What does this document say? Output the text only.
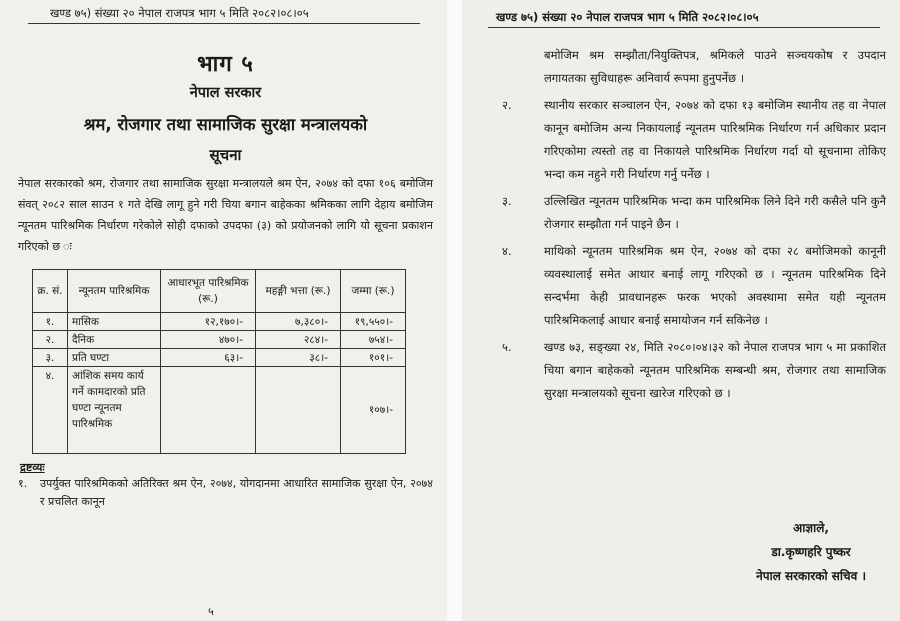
खण्ड ७५) संख्या २० नेपाल राजपत्र भाग ५ मिति २०८२।०८।०५
भाग ५
नेपाल सरकार
श्रम, रोजगार तथा सामाजिक सुरक्षा मन्त्रालयको
सूचना
नेपाल सरकारको श्रम, रोजगार तथा सामाजिक सुरक्षा मन्त्रालयले श्रम ऐन, २०७४ को दफा १०६ बमोजिम संवत् २०८२ साल साउन १ गते देखि लागू हुने गरी चिया बगान बाहेकका श्रमिकका लागि देहाय बमोजिम न्यूनतम पारिश्रमिक निर्धारण गरेकोले सोही दफाको उपदफा (३) को प्रयोजनको लागि यो सूचना प्रकाशन गरिएको छ ः
क्र. सं.	न्यूनतम पारिश्रमिक	आधारभूत पारिश्रमिक (रू.)	महङ्गी भत्ता (रू.)	जम्मा (रू.)
१.	मासिक	१२,१७०।-	७,३८०।-	१९,५५०।-
२.	दैनिक	४७०।-	२८४।-	७५४।-
३.	प्रति घण्टा	६३।-	३८।-	१०१।-
४.	आंशिक समय कार्य गर्ने कामदारको प्रति घण्टा न्यूनतम पारिश्रमिक			१०७।-
द्रष्टव्यः
१. उपर्युक्त पारिश्रमिकको अतिरिक्त श्रम ऐन, २०७४, योगदानमा आधारित सामाजिक सुरक्षा ऐन, २०७४ र प्रचलित कानून
५
खण्ड ७५) संख्या २० नेपाल राजपत्र भाग ५ मिति २०८२।०८।०५
बमोजिम श्रम सम्झौता/नियुक्तिपत्र, श्रमिकले पाउने सञ्चयकोष र उपदान लगायतका सुविधाहरू अनिवार्य रूपमा हुनुपर्नेछ ।
२.	स्थानीय सरकार सञ्चालन ऐन, २०७४ को दफा १३ बमोजिम स्थानीय तह वा नेपाल कानून बमोजिम अन्य निकायलाई न्यूनतम पारिश्रमिक निर्धारण गर्न अधिकार प्रदान गरिएकोमा त्यस्तो तह वा निकायले पारिश्रमिक निर्धारण गर्दा यो सूचनामा तोकिए भन्दा कम नहुने गरी निर्धारण गर्नु पर्नेछ ।
३.	उल्लिखित न्यूनतम पारिश्रमिक भन्दा कम पारिश्रमिक लिने दिने गरी कसैले पनि कुनै रोजगार सम्झौता गर्न पाइने छैन ।
४.	माथिको न्यूनतम पारिश्रमिक श्रम ऐन, २०७४ को दफा २८ बमोजिमको कानूनी व्यवस्थालाई समेत आधार बनाई लागू गरिएको छ । न्यूनतम पारिश्रमिक दिने सन्दर्भमा केही प्रावधानहरू फरक भएको अवस्थामा समेत यही न्यूनतम पारिश्रमिकलाई आधार बनाई समायोजन गर्न सकिनेछ ।
५.	खण्ड ७३, सङ्ख्या २४, मिति २०८०।०४।३२ को नेपाल राजपत्र भाग ५ मा प्रकाशित चिया बगान बाहेकको न्यूनतम पारिश्रमिक सम्बन्धी श्रम, रोजगार तथा सामाजिक सुरक्षा मन्त्रालयको सूचना खारेज गरिएको छ ।
आज्ञाले,
डा.कृष्णहरि पुष्कर
नेपाल सरकारको सचिव ।
